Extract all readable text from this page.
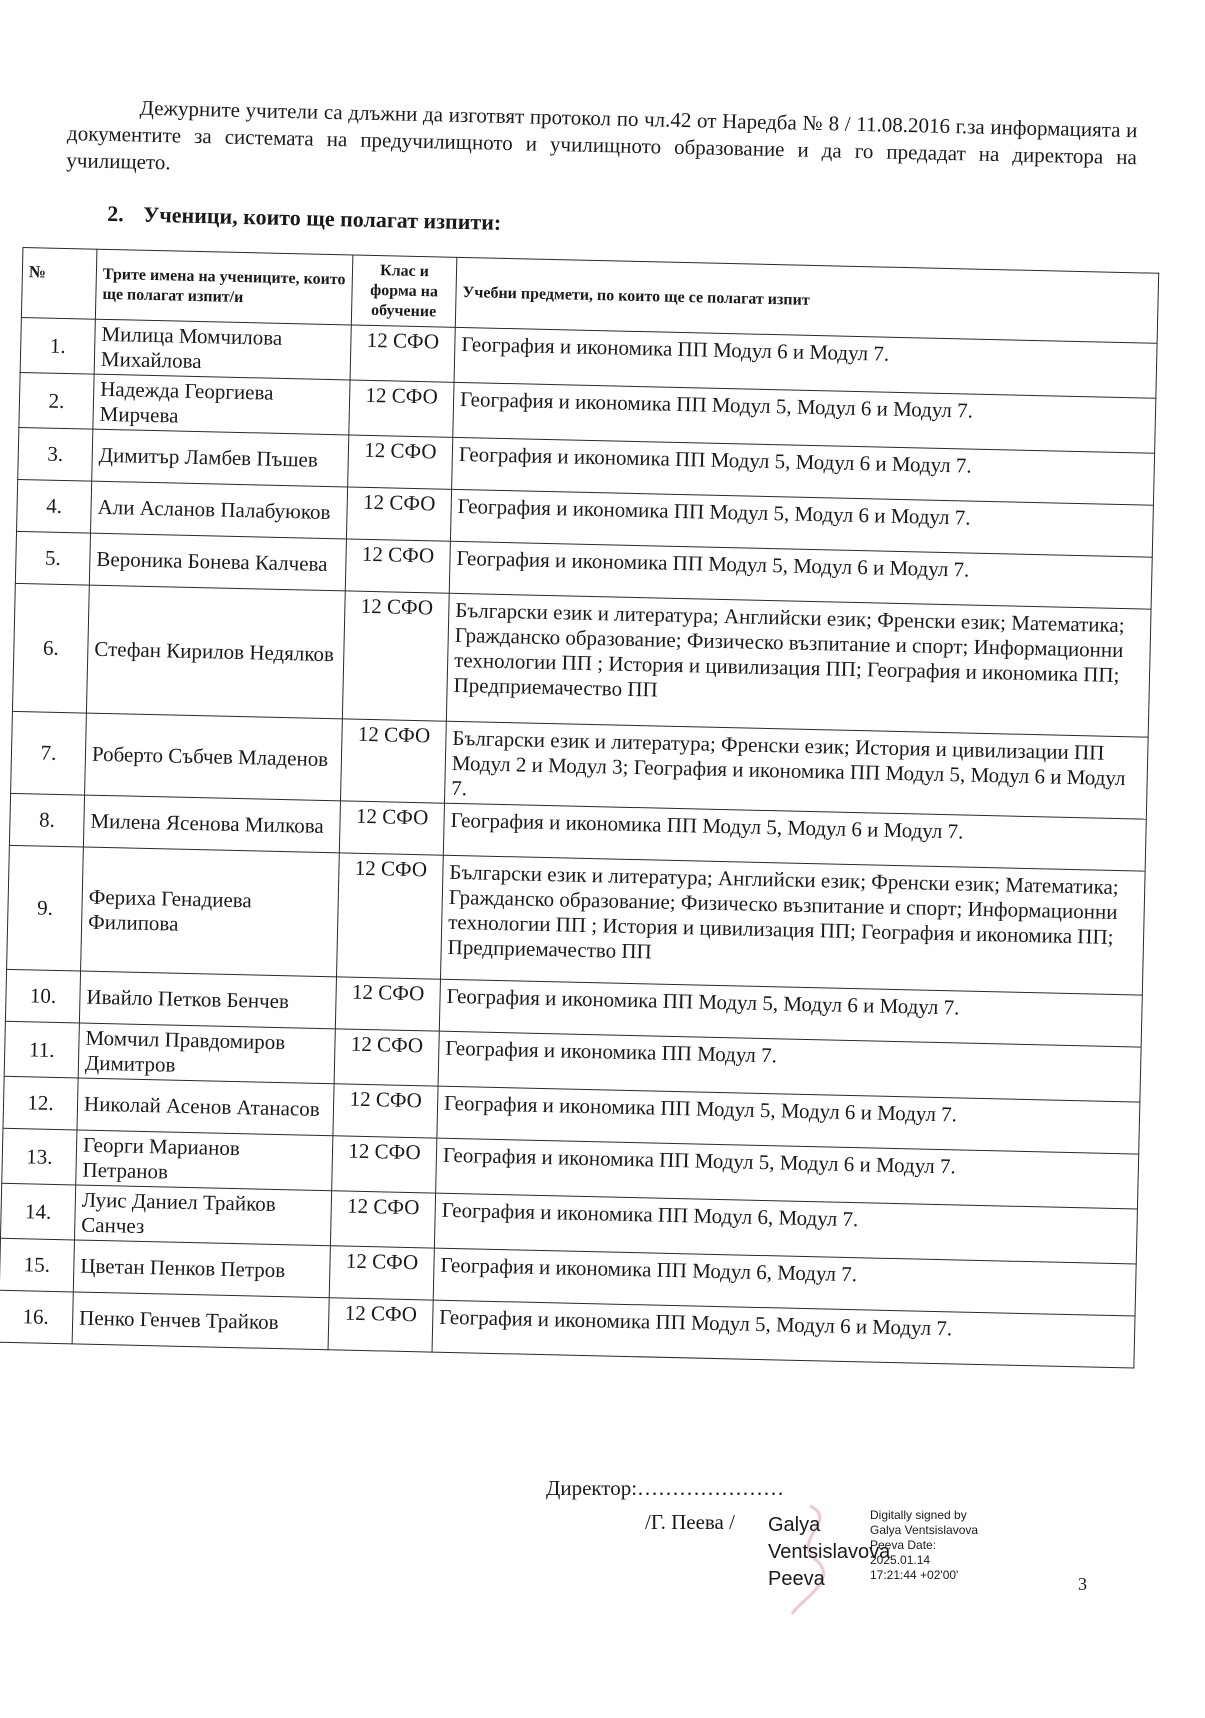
Дежурните учители са длъжни да изготвят протокол по чл.42 от Наредба № 8 / 11.08.2016 г.за информацията и документите за системата на предучилищното и училищното образование и да го предадат на директора на училището.

2. Ученици, които ще полагат изпити:
№	Трите имена на учениците, които ще полагат изпит/и	Клас и форма на обучение	Учебни предмети, по които ще се полагат изпит
1.	Милица Момчилова Михайлова	12 СФО	География и икономика ПП Модул 6 и Модул 7.
2.	Надежда Георгиева Мирчева	12 СФО	География и икономика ПП Модул 5, Модул 6 и Модул 7.
3.	Димитър Ламбев Пъшев	12 СФО	География и икономика ПП Модул 5, Модул 6 и Модул 7.
4.	Али Асланов Палабуюков	12 СФО	География и икономика ПП Модул 5, Модул 6 и Модул 7.
5.	Вероника Бонева Калчева	12 СФО	География и икономика ПП Модул 5, Модул 6 и Модул 7.
6.	Стефан Кирилов Недялков	12 СФО	Български език и литература; Английски език; Френски език; Математика; Гражданско образование; Физическо възпитание и спорт; Информационни технологии ПП ; История и цивилизация ПП; География и икономика ПП; Предприемачество ПП
7.	Роберто Събчев Младенов	12 СФО	Български език и литература; Френски език; История и цивилизации ПП Модул 2 и Модул 3; География и икономика ПП Модул 5, Модул 6 и Модул 7.
8.	Милена Ясенова Милкова	12 СФО	География и икономика ПП Модул 5, Модул 6 и Модул 7.
9.	Фериха Генадиева Филипова	12 СФО	Български език и литература; Английски език; Френски език; Математика; Гражданско образование; Физическо възпитание и спорт; Информационни технологии ПП ; История и цивилизация ПП; География и икономика ПП; Предприемачество ПП
10.	Ивайло Петков Бенчев	12 СФО	География и икономика ПП Модул 5, Модул 6 и Модул 7.
11.	Момчил Правдомиров Димитров	12 СФО	География и икономика ПП Модул 7.
12.	Николай Асенов Атанасов	12 СФО	География и икономика ПП Модул 5, Модул 6 и Модул 7.
13.	Георги Марианов Петранов	12 СФО	География и икономика ПП Модул 5, Модул 6 и Модул 7.
14.	Луис Даниел Трайков Санчез	12 СФО	География и икономика ПП Модул 6, Модул 7.
15.	Цветан Пенков Петров	12 СФО	География и икономика ПП Модул 6, Модул 7.
16.	Пенко Генчев Трайков	12 СФО	География и икономика ПП Модул 5, Модул 6 и Модул 7.
Директор:…………………
/Г. Пеева / Galya Ventsislavova Peeva
Digitally signed by Galya Ventsislavova Peeva Date: 2025.01.14 17:21:44 +02'00'	3
